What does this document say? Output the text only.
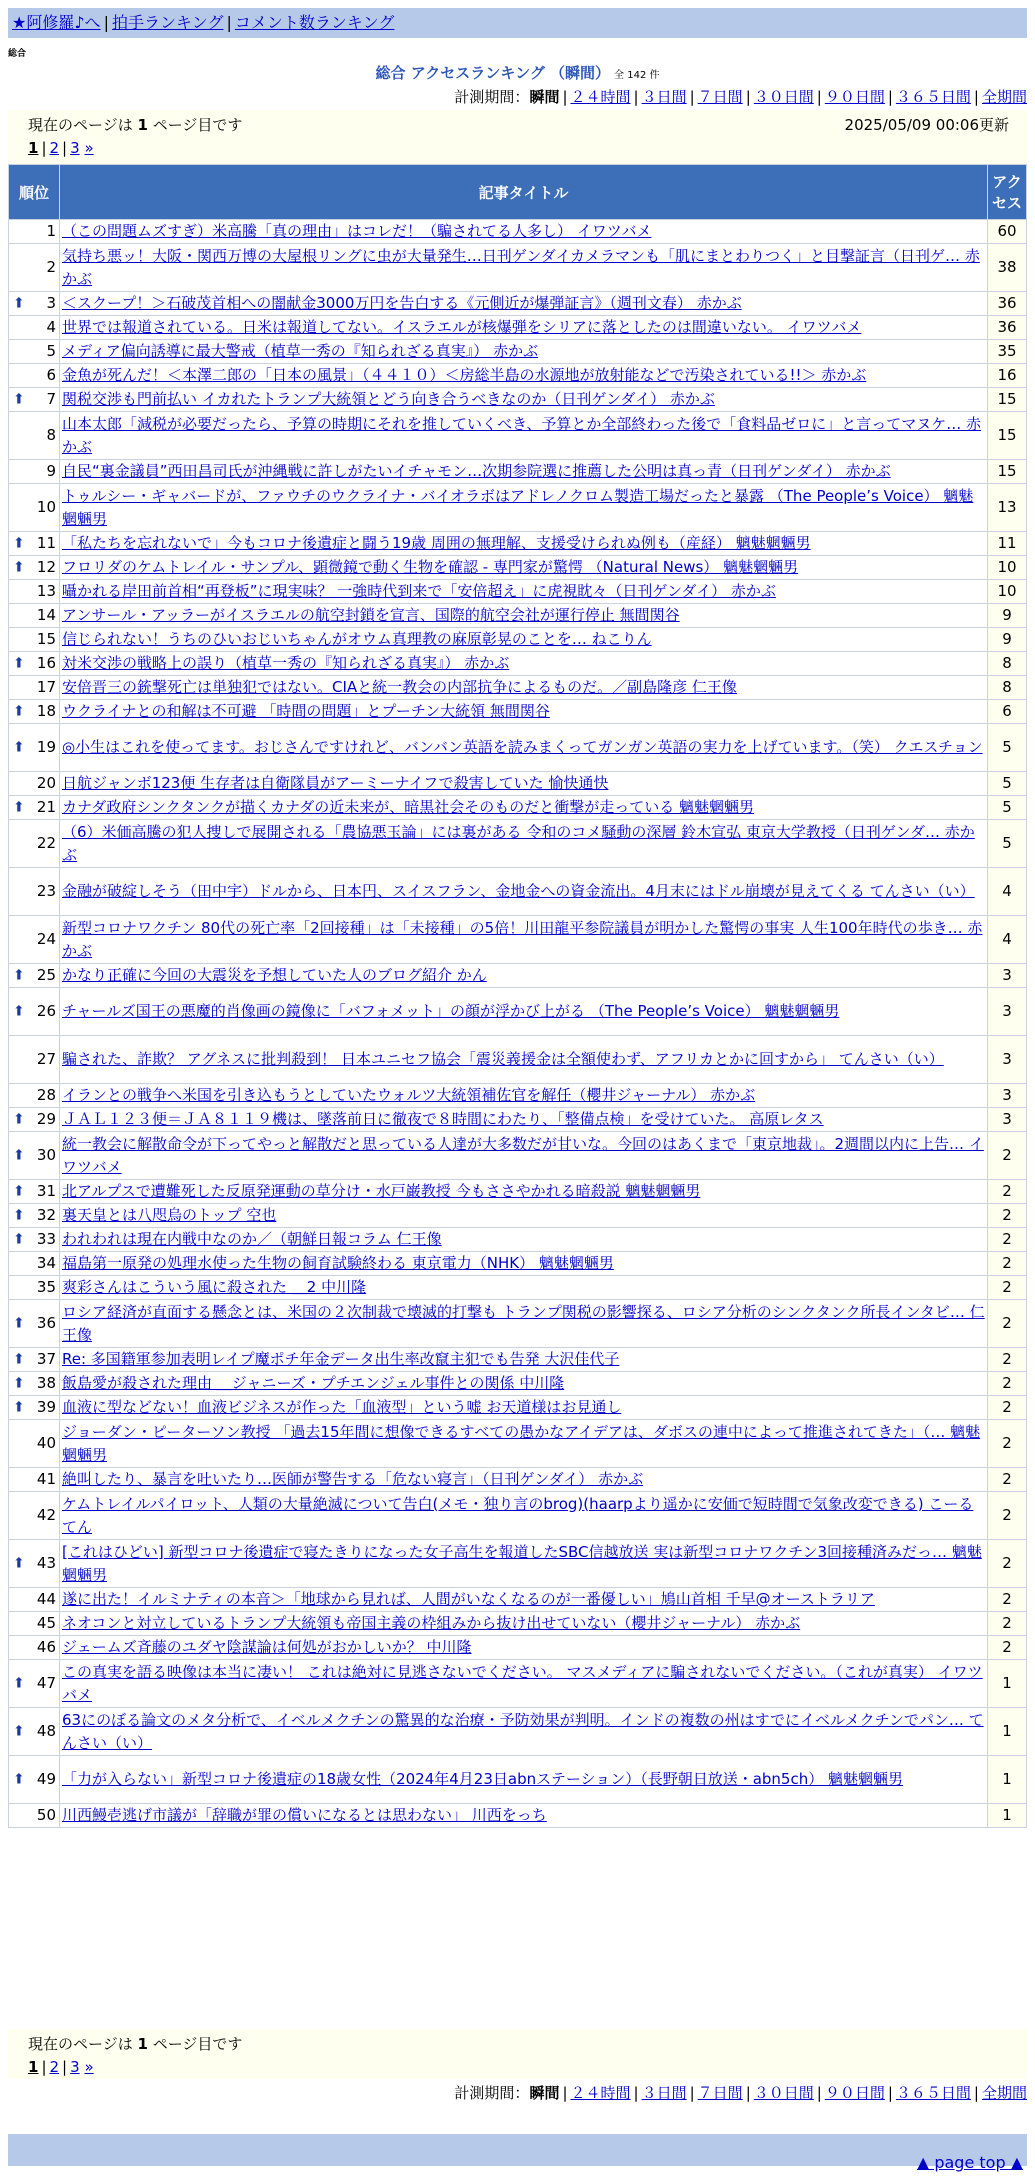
★阿修羅♪へ | 拍手ランキング | コメント数ランキング
総合
総合 アクセスランキング （瞬間） 全 142 件
計測期間：瞬間 | ２４時間 | ３日間 | ７日間 | ３０日間 | ９０日間 | ３６５日間 | 全期間
現在のページは 1 ページ目です	2025/05/09 00:06更新
1 | 2 | 3 »
順位	記事タイトル	アクセス
1	（この問題ムズすぎ）米高騰「真の理由」はコレだ！（騙されてる人多し） イワツバメ	60
2	気持ち悪ッ！大阪・関西万博の大屋根リングに虫が大量発生…日刊ゲンダイカメラマンも「肌にまとわりつく」と目撃証言（日刊ゲ… 赤かぶ	38

⬆ 3	＜スクープ！＞石破茂首相への闇献金3000万円を告白する《元側近が爆弾証言》（週刊文春） 赤かぶ	36
4	世界では報道されている。日米は報道してない。イスラエルが核爆弾をシリアに落としたのは間違いない。 イワツバメ	36
5	メディア偏向誘導に最大警戒（植草一秀の『知られざる真実』） 赤かぶ	35
6	金魚が死んだ！＜本澤二郎の「日本の風景」（４４１０）＜房総半島の水源地が放射能などで汚染されている!!＞ 赤かぶ	16

⬆ 7	関税交渉も門前払い イカれたトランプ大統領とどう向き合うべきなのか（日刊ゲンダイ） 赤かぶ	15
8	山本太郎「減税が必要だったら、予算の時期にそれを推していくべき、予算とか全部終わった後で「食料品ゼロに」と言ってマヌケ… 赤かぶ	15
9	自民“裏金議員”西田昌司氏が沖縄戦に許しがたいイチャモン…次期参院選に推薦した公明は真っ青（日刊ゲンダイ） 赤かぶ	15
10	トゥルシー・ギャバードが、ファウチのウクライナ・バイオラボはアドレノクロム製造工場だったと暴露 （The People’s Voice） 魑魅魍魎男	13

⬆ 11	「私たちを忘れないで」今もコロナ後遺症と闘う19歳 周囲の無理解、支援受けられぬ例も（産経） 魑魅魍魎男	11

⬆ 12	フロリダのケムトレイル・サンプル、顕微鏡で動く生物を確認 - 専門家が驚愕 （Natural News） 魑魅魍魎男	10
13	囁かれる岸田前首相“再登板”に現実味？ 一強時代到来で「安倍超え」に虎視眈々（日刊ゲンダイ） 赤かぶ	10
14	アンサール・アッラーがイスラエルの航空封鎖を宣言、国際的航空会社が運行停止 無間関谷	9
15	信じられない！うちのひいおじいちゃんがオウム真理教の麻原彰晃のことを… ねこりん	9

⬆ 16	対米交渉の戦略上の誤り（植草一秀の『知られざる真実』） 赤かぶ	8
17	安倍晋三の銃撃死亡は単独犯ではない。CIAと統一教会の内部抗争によるものだ。／副島隆彦 仁王像	8

⬆ 18	ウクライナとの和解は不可避 「時間の問題」とプーチン大統領 無間関谷	6

⬆ 19	◎小生はこれを使ってます。おじさんですけれど、バンバン英語を読みまくってガンガン英語の実力を上げています。（笑） クエスチョン	5
20	日航ジャンボ123便 生存者は自衛隊員がアーミーナイフで殺害していた 愉快通快	5

⬆ 21	カナダ政府シンクタンクが描くカナダの近未来が、暗黒社会そのものだと衝撃が走っている 魑魅魍魎男	5
22	（6）米価高騰の犯人捜しで展開される「農協悪玉論」には裏がある 令和のコメ騒動の深層 鈴木宣弘 東京大学教授（日刊ゲンダ… 赤かぶ	5
23	金融が破綻しそう（田中宇）ドルから、日本円、スイスフラン、金地金への資金流出。4月末にはドル崩壊が見えてくる てんさい（い）	4
24	新型コロナワクチン 80代の死亡率「2回接種」は「未接種」の5倍！川田龍平参院議員が明かした驚愕の事実 人生100年時代の歩き… 赤かぶ	4

⬆ 25	かなり正確に今回の大震災を予想していた人のブログ紹介 かん	3

⬆ 26	チャールズ国王の悪魔的肖像画の鏡像に「バフォメット」の顔が浮かび上がる （The People’s Voice） 魑魅魍魎男	3
27	騙された、詐欺？ アグネスに批判殺到！ 日本ユニセフ協会「震災義援金は全額使わず、アフリカとかに回すから」 てんさい（い）	3
28	イランとの戦争へ米国を引き込もうとしていたウォルツ大統領補佐官を解任（櫻井ジャーナル） 赤かぶ	3

⬆ 29	ＪＡＬ１２３便＝ＪＡ８１１９機は、墜落前日に徹夜で８時間にわたり、「整備点検」を受けていた。 高原レタス	3

⬆ 30	統一教会に解散命令が下ってやっと解散だと思っている人達が大多数だが甘いな。今回のはあくまで「東京地裁」。2週間以内に上告… イワツバメ	2

⬆ 31	北アルプスで遭難死した反原発運動の草分け・水戸巌教授 今もささやかれる暗殺説 魑魅魍魎男	2

⬆ 32	裏天皇とは八咫烏のトップ 空也	2

⬆ 33	われわれは現在内戦中なのか／（朝鮮日報コラム 仁王像	2
34	福島第一原発の処理水使った生物の飼育試験終わる 東京電力（NHK） 魑魅魍魎男	2
35	爽彩さんはこういう風に殺された ＿2 中川隆	2

⬆ 36	ロシア経済が直面する懸念とは、米国の２次制裁で壊滅的打撃も トランプ関税の影響探る、ロシア分析のシンクタンク所長インタビ… 仁王像	2

⬆ 37	Re: 多国籍軍参加表明レイプ魔ポチ年金データ出生率改竄主犯でも告発 大沢佳代子	2

⬆ 38	飯島愛が殺された理由 ＿ジャニーズ・プチエンジェル事件との関係 中川隆	2

⬆ 39	血液に型などない！血液ビジネスが作った「血液型」という嘘 お天道様はお見通し	2
40	ジョーダン・ピーターソン教授 「過去15年間に想像できるすべての愚かなアイデアは、ダボスの連中によって推進されてきた」（… 魑魅魍魎男	2
41	絶叫したり、暴言を吐いたり…医師が警告する「危ない寝言」（日刊ゲンダイ） 赤かぶ	2
42	ケムトレイルパイロット、人類の大量絶滅について告白(メモ・独り言のbrog)(haarpより遥かに安価で短時間で気象改変できる) こーるてん	2

⬆ 43	[これはひどい] 新型コロナ後遺症で寝たきりになった女子高生を報道したSBC信越放送 実は新型コロナワクチン3回接種済みだっ… 魑魅魍魎男	2
44	遂に出た！イルミナティの本音＞「地球から見れば、人間がいなくなるのが一番優しい」鳩山首相 千早@オーストラリア	2
45	ネオコンと対立しているトランプ大統領も帝国主義の枠組みから抜け出せていない（櫻井ジャーナル） 赤かぶ	2
46	ジェームズ斉藤のユダヤ陰謀論は何処がおかしいか？ 中川隆	2

⬆ 47	この真実を語る映像は本当に凄い！ これは絶対に見逃さないでください。 マスメディアに騙されないでください。（これが真実） イワツバメ	1

⬆ 48	63にのぼる論文のメタ分析で、イベルメクチンの驚異的な治療・予防効果が判明。インドの複数の州はすでにイベルメクチンでパン… てんさい（い）	1

⬆ 49	「力が入らない」新型コロナ後遺症の18歳女性（2024年4月23日abnステーション）（長野朝日放送・abn5ch） 魑魅魍魎男	1
50	川西鰻壱逃げ市議が「辞職が罪の償いになるとは思わない」 川西をっち	1
現在のページは 1 ページ目です
1 | 2 | 3 »
計測期間：瞬間 | ２４時間 | ３日間 | ７日間 | ３０日間 | ９０日間 | ３６５日間 | 全期間
▲ page top ▲
